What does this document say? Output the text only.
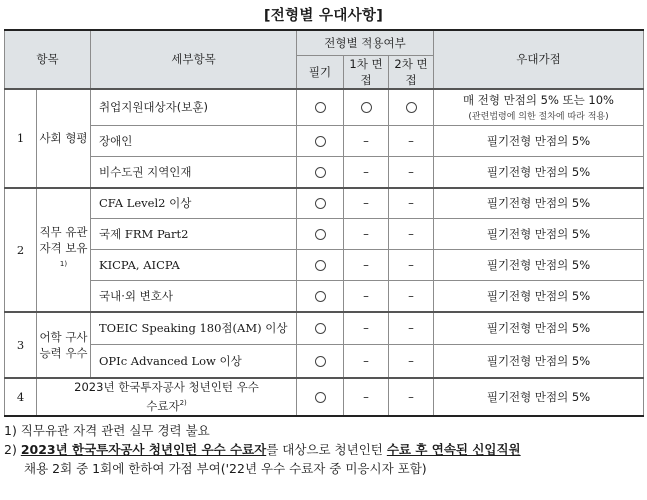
[전형별 우대사항]
항목		세부항목	전형별 적용여부			우대가점
			필기	1차 면접	2차 면접	
1	사회 형평	취업지원대상자(보훈)				매 전형 만점의 5% 또는 10%
(관련법령에 의한 절차에 따라 적용)

		장애인		–	–	필기전형 만점의 5%
		비수도권 지역인재		–	–	필기전형 만점의 5%
2	직무 유관 자격 보유$^{1)}$	CFA Level2 이상		–	–	필기전형 만점의 5%
		국제 FRM Part2		–	–	필기전형 만점의 5%
		KICPA, AICPA		–	–	필기전형 만점의 5%
		국내·외 변호사		–	–	필기전형 만점의 5%
3	어학 구사 능력 우수	TOEIC Speaking 180점(AM) 이상		–	–	필기전형 만점의 5%
		OPIc Advanced Low 이상		–	–	필기전형 만점의 5%
4	2023년 한국투자공사 청년인턴 우수 수료자$^{2)}$			–	–	필기전형 만점의 5%
1) 직무유관 자격 관련 실무 경력 불요
2) 2023년 한국투자공사 청년인턴 우수 수료자를 대상으로 청년인턴 수료 후 연속된 신입직원
채용 2회 중 1회에 한하여 가점 부여('22년 우수 수료자 중 미응시자 포함)
